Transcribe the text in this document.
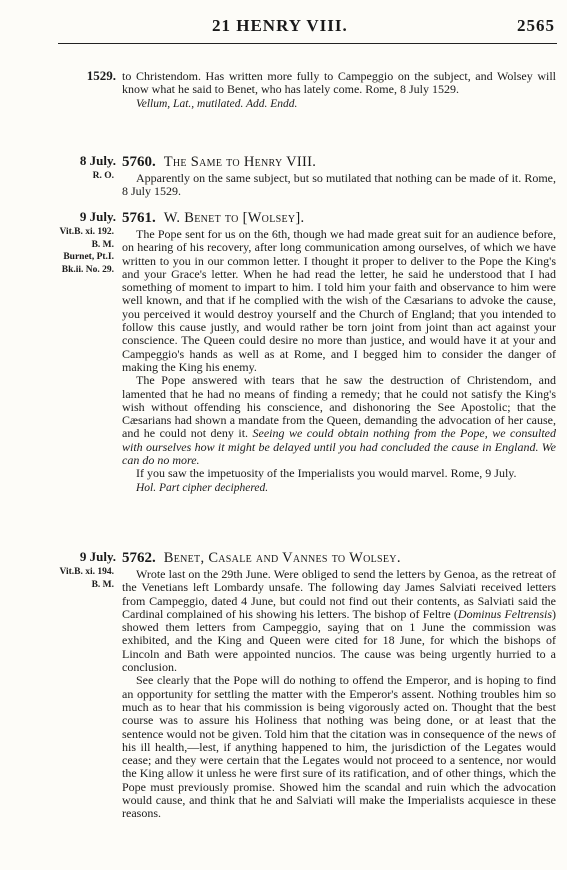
21 HENRY VIII.	2565
1529. to Christendom. Has written more fully to Campeggio on the subject, and Wolsey will know what he said to Benet, who has lately come. Rome, 8 July 1529.

Vellum, Lat., mutilated. Add. Endd.

8 July.
R. O.
5760. The Same to Henry VIII.

Apparently on the same subject, but so mutilated that nothing can be made of it. Rome, 8 July 1529.

9 July.
Vit.B. xi. 192.
B. M.
Burnet, Pt.I.
Bk.ii. No. 29.
5761. W. Benet to [Wolsey].

The Pope sent for us on the 6th, though we had made great suit for an audience before, on hearing of his recovery, after long communication among ourselves, of which we have written to you in our common letter. I thought it proper to deliver to the Pope the King's and your Grace's letter. When he had read the letter, he said he understood that I had something of moment to impart to him. I told him your faith and observance to him were well known, and that if he complied with the wish of the Cæsarians to advoke the cause, you perceived it would destroy yourself and the Church of England; that you intended to follow this cause justly, and would rather be torn joint from joint than act against your conscience. The Queen could desire no more than justice, and would have it at your and Campeggio's hands as well as at Rome, and I begged him to consider the danger of making the King his enemy.

The Pope answered with tears that he saw the destruction of Christendom, and lamented that he had no means of finding a remedy; that he could not satisfy the King's wish without offending his conscience, and dishonoring the See Apostolic; that the Cæsarians had shown a mandate from the Queen, demanding the advocation of her cause, and he could not deny it. Seeing we could obtain nothing from the Pope, we consulted with ourselves how it might be delayed until you had concluded the cause in England. We can do no more.

If you saw the impetuosity of the Imperialists you would marvel. Rome, 9 July.

Hol. Part cipher deciphered.

9 July.
Vit.B. xi. 194.
B. M.
5762. Benet, Casale and Vannes to Wolsey.

Wrote last on the 29th June. Were obliged to send the letters by Genoa, as the retreat of the Venetians left Lombardy unsafe. The following day James Salviati received letters from Campeggio, dated 4 June, but could not find out their contents, as Salviati said the Cardinal complained of his showing his letters. The bishop of Feltre (Dominus Feltrensis) showed them letters from Campeggio, saying that on 1 June the commission was exhibited, and the King and Queen were cited for 18 June, for which the bishops of Lincoln and Bath were appointed nuncios. The cause was being urgently hurried to a conclusion.

See clearly that the Pope will do nothing to offend the Emperor, and is hoping to find an opportunity for settling the matter with the Emperor's assent. Nothing troubles him so much as to hear that his commission is being vigorously acted on. Thought that the best course was to assure his Holiness that nothing was being done, or at least that the sentence would not be given. Told him that the citation was in consequence of the news of his ill health,—lest, if anything happened to him, the jurisdiction of the Legates would cease; and they were certain that the Legates would not proceed to a sentence, nor would the King allow it unless he were first sure of its ratification, and of other things, which the Pope must previously promise. Showed him the scandal and ruin which the advocation would cause, and think that he and Salviati will make the Imperialists acquiesce in these reasons.
